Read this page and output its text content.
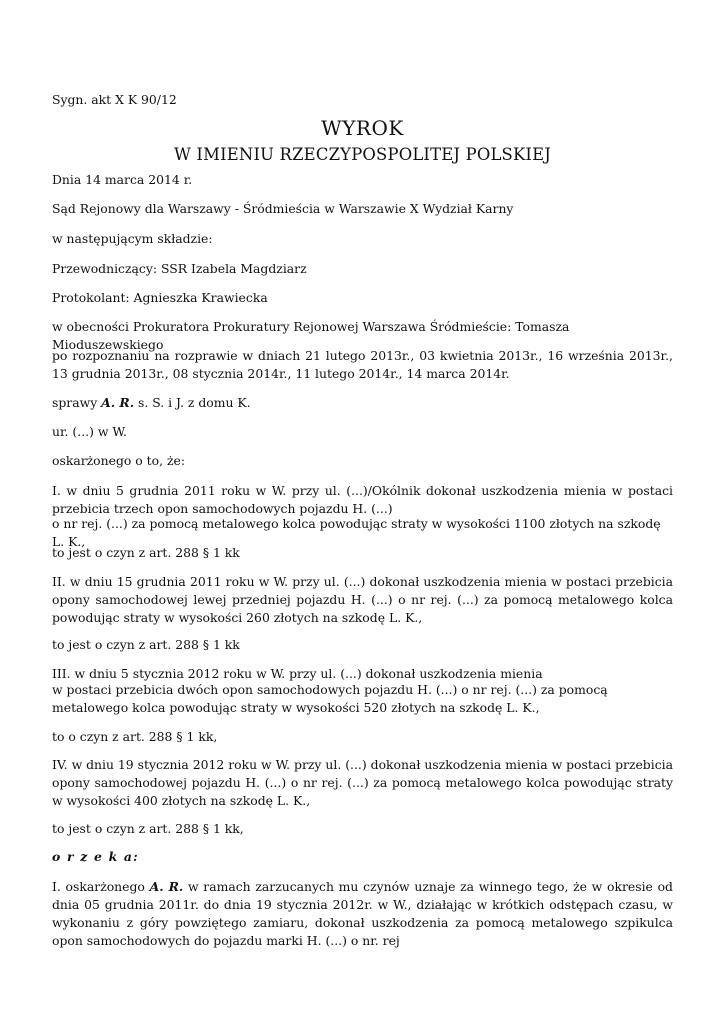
Sygn. akt X K 90/12
WYROK
W IMIENIU RZECZYPOSPOLITEJ POLSKIEJ
Dnia 14 marca 2014 r.
Sąd Rejonowy dla Warszawy - Śródmieścia w Warszawie X Wydział Karny
w następującym składzie:
Przewodniczący: SSR Izabela Magdziarz
Protokolant: Agnieszka Krawiecka
w obecności Prokuratora Prokuratury Rejonowej Warszawa Śródmieście: Tomasza Mioduszewskiego
po rozpoznaniu na rozprawie w dniach 21 lutego 2013r., 03 kwietnia 2013r., 16 września 2013r., 13 grudnia 2013r., 08 stycznia 2014r., 11 lutego 2014r., 14 marca 2014r.
sprawy A. R. s. S. i J. z domu K.
ur. (...) w W.
oskarżonego o to, że:
I. w dniu 5 grudnia 2011 roku w W. przy ul. (...)/Okólnik dokonał uszkodzenia mienia w postaci przebicia trzech opon samochodowych pojazdu H. (...)
o nr rej. (...) za pomocą metalowego kolca powodując straty w wysokości 1100 złotych na szkodę L. K.,
to jest o czyn z art. 288 § 1 kk
II. w dniu 15 grudnia 2011 roku w W. przy ul. (...) dokonał uszkodzenia mienia w postaci przebicia opony samochodowej lewej przedniej pojazdu H. (...) o nr rej. (...) za pomocą metalowego kolca powodując straty w wysokości 260 złotych na szkodę L. K.,
to jest o czyn z art. 288 § 1 kk
III. w dniu 5 stycznia 2012 roku w W. przy ul. (...) dokonał uszkodzenia mienia
w postaci przebicia dwóch opon samochodowych pojazdu H. (...) o nr rej. (...) za pomocą metalowego kolca powodując straty w wysokości 520 złotych na szkodę L. K.,
to o czyn z art. 288 § 1 kk,
IV. w dniu 19 stycznia 2012 roku w W. przy ul. (...) dokonał uszkodzenia mienia w postaci przebicia opony samochodowej pojazdu H. (...) o nr rej. (...) za pomocą metalowego kolca powodując straty w wysokości 400 złotych na szkodę L. K.,
to jest o czyn z art. 288 § 1 kk,
o r z e k a:
I. oskarżonego A. R. w ramach zarzucanych mu czynów uznaje za winnego tego, że w okresie od dnia 05 grudnia 2011r. do dnia 19 stycznia 2012r. w W., działając w krótkich odstępach czasu, w wykonaniu z góry powziętego zamiaru, dokonał uszkodzenia za pomocą metalowego szpikulca opon samochodowych do pojazdu marki H. (...) o nr. rej
